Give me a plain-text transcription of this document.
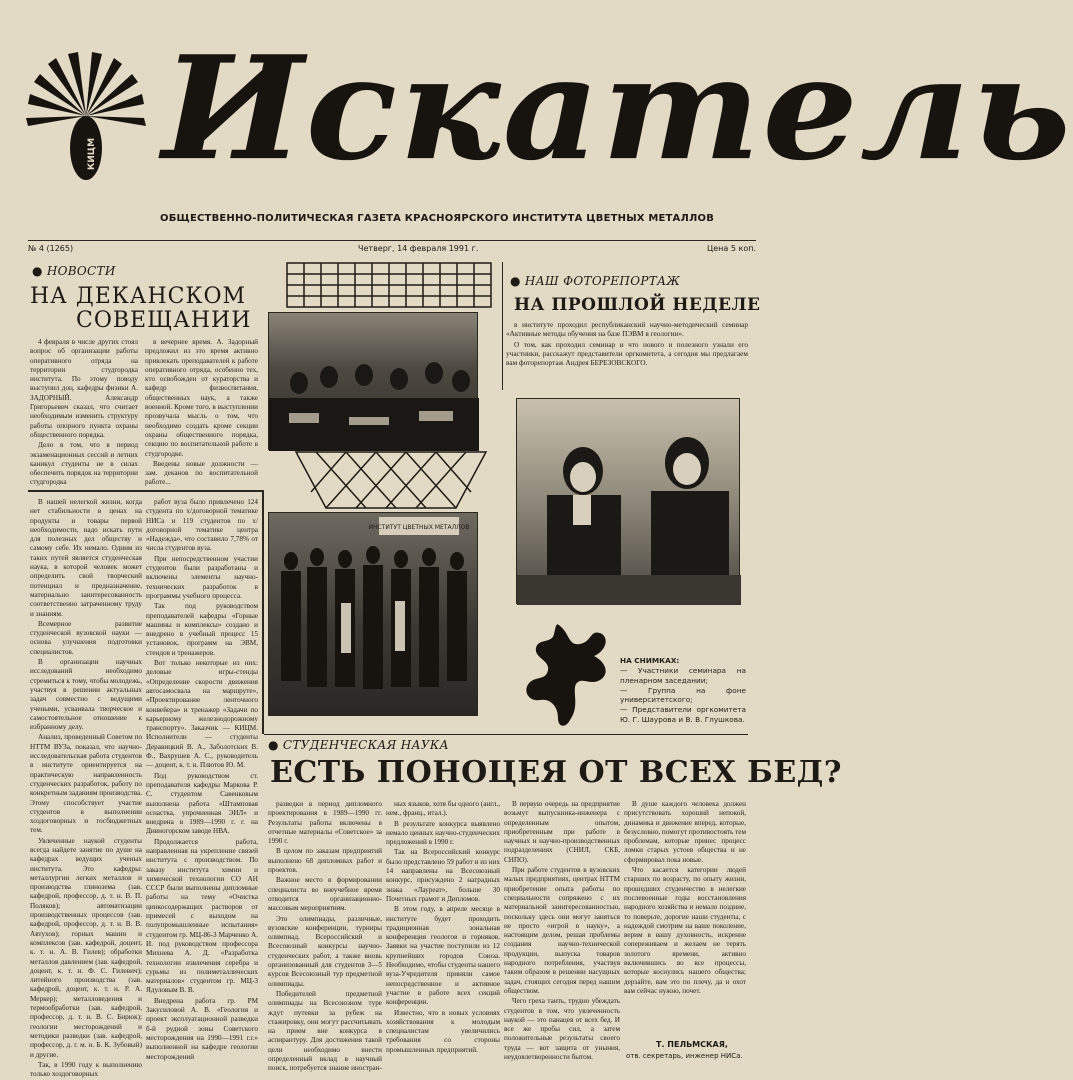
КИЦМ Искатель
ОБЩЕСТВЕННО-ПОЛИТИЧЕСКАЯ ГАЗЕТА КРАСНОЯРСКОГО ИНСТИТУТА ЦВЕТНЫХ МЕТАЛЛОВ
№ 4 (1265)	Четверг, 14 февраля 1991 г.	Цена 5 коп.
● НОВОСТИ
НА ДЕКАНСКОМ
СОВЕЩАНИИ

4 февраля в числе других стоял вопрос об организации работы оперативного отряда на территории студгородка института. По этому поводу выступил доц. кафедры физики А. ЗАДОРНЫЙ. Александр Григорьевич сказал, что считает необходимым изменить структуру работы опорного пункта охраны общественного порядка.

Дело в том, что в период экзаменационных сессий и летних каникул студенты не в силах обеспечить порядок на территории студгородка

в вечернее время. А. Задорный предложил из это время активно привлекать преподавателей к работе оперативного отряда, особенно тех, кто освобожден от кураторства и кафедр физвоспитания, общественных наук, а также военной. Кроме того, в выступлении прозвучала мысль о том, что необходимо создать кроме секции охраны общественного порядка, секцию по воспитательной работе в студгородке.

Введены новые должности — зам. деканов по воспитательной работе...

В нашей нелегкой жизни, когда нет стабильности в ценах на продукты и товары первой необходимости, надо искать пути для полезных дел обществу и самому себе. Их немало. Одним из таких путей является студенческая наука, в которой человек может определить свой творческий потенциал и предназначение, материально заинтересованность соответственно затраченному труду и знаниям.

Всемерное развитие студенческой вузовской науки — основа улучшения подготовки специалистов.

В организации научных исследований необходимо стремиться к тому, чтобы молодежь, участвуя в решении актуальных задач совместно с ведущими учеными, усваивала творческое и самостоятельное отношение к избранному делу.

Анализ, проведенный Советом по НТТМ ВУЗа, показал, что научно-исследовательская работа студентов в институте ориентируется на практическую направленность студенческих разработок, работу по конкретным заданиям производства. Этому способствует участие студентов в выполнении хоздоговорных и госбюджетных тем.

Увлеченные наукой студенты всегда найдете занятие по душе на кафедрах ведущих ученых института. Это кафедры: металлургии легких металлов и производства глинозема (зав. кафедрой, профессор, д. т. н. В. П. Поляков); автоматизации производственных процессов (зав. кафедрой, профессор, д. т. н. В. В. Автухов); горных машин и комплексов (зав. кафедрой, доцент, к. т. н. А. В. Гилев); обработки металлов давлением (зав. кафедрой, доцент, к. т. н. Ф. С. Гилевич); литейного производства (зав. кафедрой, доцент, к. т. н. Р. А. Меркер); металловедения и термообработки (зав. кафедрой, профессор, д. т. н. В. С. Бирюк); геологии месторождений и методики разведки (зав. кафедрой, профессор, д. г. м. н. Б. К. Зубовый) и другие.

Так, в 1990 году к выполнению только хоздоговорных

работ вуза было привлечено 124 студента по х/договорной тематике НИСа и 119 студентов по х/договорной тематике центра «Надежда», что составило 7,78% от числа студентов вуза.

При непосредственном участии студентов были разработаны и включены элементы научно-технических разработок в программы учебного процесса.

Так под руководством преподавателей кафедры «Горные машины и комплексы» создано и внедрено в учебный процесс 15 установок, программ на ЭВМ, стендов и тренажеров.

Вот только некоторые из них: деловые игры-стенды «Определение скорости движения автосамосвала на маршруте», «Проектирование ленточного конвейера» и тренажер «Задачи по карьерному железнодорожному транспорту». Заказчик — КИЦМ. Исполнители — студенты Деравицкий В. А., Заболотских В. Ф., Вахрушев А. С., руководитель — доцент, к. т. н. Плютов Ю. М.

Под руководством ст. преподавателя кафедры Маркова Р. С. студентом Савенковым выполнена работа «Штамповая оснастка, упрочненная ЭИЛ» и внедрена в 1989—1990 г. г. на Дивногорском заводе НВА.

Продолжается работа, направленная на укрепление связей института с производством. По заказу института химии и химической технологии СО АН СССР были выполнены дипломные работы на тему «Очистка цинкосодержащих растворов от примесей с выходом на полупромышленные испытания» студентом гр. МЦ-86-3 Марченко А. И. под руководством профессора Михнева А. Д. «Разработка технологии извлечения серебра и сурьмы из полиметаллических материалов» студентом гр. МЦ-3 Ядуловым В. В.

Внедрена работа гр. РМ Закусиловой А. В. «Геология и проект эксплуатационной разведки б-й рудной зоны Советского месторождения на 1990—1991 г.г.» выполненной на кафедре геологии месторождений

ИНСТИТУТ ЦВЕТНЫХ МЕТАЛЛОВ
● НАШ ФОТОРЕПОРТАЖ
НА ПРОШЛОЙ НЕДЕЛЕ

в институте проходил республиканский научно-методический семинар «Активные методы обучения на базе ПЭВМ в геологии».

О том, как проходил семинар и что нового и полезного узнали его участники, расскажут представители оргкомитета, а сегодня мы предлагаем вам фоторепортаж Андрея БЕРЕЗОВСКОГО.

НА СНИМКАХ:

— Участники семинара на пленарном заседании;

— Группа на фоне университетского;

— Представители оргкомитета Ю. Г. Шаурова и В. В. Глушкова.

● СТУДЕНЧЕСКАЯ НАУКА
ЕСТЬ ПОНОЦЕЯ ОТ ВСЕХ БЕД?

разведки в период дипломного проектирования в 1989—1990 гг. Результаты работы включены в отчетные материалы «Советское» за 1990 г.

В целом по заказам предприятий выполнено 68 дипломных работ и проектов.

Важное место в формировании специалиста во внеучебное время отводится организационно-массовым мероприятиям.

Это олимпиады, различные, вузовские конференции, турниры олимпиад. Всероссийский и Всесоюзный конкурсы научно-студенческих работ, а также вновь организованный для студентов 3—5 курсов Всесоюзный тур предметной олимпиады.

Победителей предметной олимпиады на Всесоюзном туре ждут путевки за рубеж на стажировку, они могут рассчитывать на прием вне конкурса в аспирантуру. Для достижения такой цели необходимо внести определенный вклад в научный поиск, потребуется знание иностран-

ных языков, хотя бы одного (англ., нем., франц., итал.).

В результате конкурса выявлено немало ценных научно-студенческих предложений в 1990 г.

Так на Всероссийский конкурс было представлено 59 работ и из них 14 направлены на Всесоюзный конкурс, присуждено 2 наградных знака «Лауреат», больше 30 Почетных грамот и Дипломов.

В этом году, в апреле месяце в институте будет проходить традиционная зональная конференция геологов и горняков. Заявки на участие поступили из 12 крупнейших городов Союза. Необходимо, чтобы студенты нашего вуза-Учредителя приняли самое непосредственное и активное участие в работе всех секций конференции.

Известно, что в новых условиях хозяйствования к молодым специалистам увеличились требования со стороны промышленных предприятий.

В первую очередь на предприятие возьмут выпускника-инженера с определенным опытом, приобретенным при работе в научных и научно-производственных подразделениях (СНИЛ, СКБ, СНПО).

При работе студентов в вузовских малых предприятиях, центрах НТТМ приобретение опыта работы по специальности сопряжено с их материальной заинтересованностью, поскольку здесь они могут заняться не просто «игрой в науку», а настоящим делом, решая проблемы создания научно-технической продукции, выпуска товаров народного потребления, участвуя таким образом в решении насущных задач, стоящих сегодня перед нашим обществом.

Чего греха таить, трудно убеждать студентов в том, что увлеченность наукой — это панацея от всех бед. И все же пробы сил, а затем положительные результаты своего труда — вот защита от уныния, неудовлетворенности бытом.

В душе каждого человека должен присутствовать хороший непокой, динамика и движение вперед, которые, безусловно, помогут противостоять тем проблемам, которые принес процесс ломки старых устоев общества и не сформировал пока новые.

Что касается категории людей старших по возрасту, по опыту жизни, прошедших студенчество в нелегкие послевоенные годы восстановления народного хозяйства и немало поздние, то поверьте, дорогие наши студенты, с надеждой смотрим на ваше поколение, верим в вашу духовность, искренне сопереживаем и желаем не терять золотого времени, активно включившись во все процессы, которые коснулись нашего общества; дерзайте, вам это по плечу, да и охот вам сейчас нужно, почет.

Т. ПЕЛЬМСКАЯ,
отв. секретарь, инженер НИСа.
